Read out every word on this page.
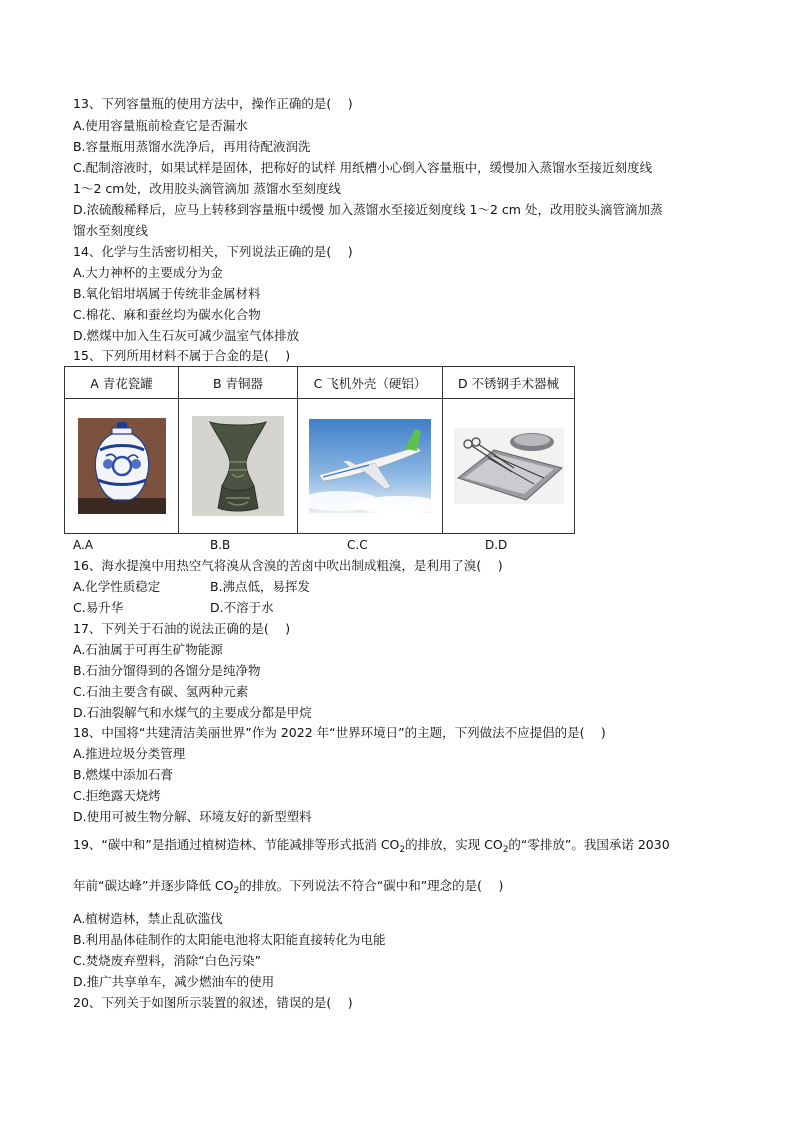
13、下列容量瓶的使用方法中，操作正确的是(　 )
A.使用容量瓶前检查它是否漏水
B.容量瓶用蒸馏水洗净后，再用待配液润洗
C.配制溶液时，如果试样是固体，把称好的试样 用纸槽小心倒入容量瓶中，缓慢加入蒸馏水至接近刻度线
1～2 cm处，改用胶头滴管滴加 蒸馏水至刻度线
D.浓硫酸稀释后，应马上转移到容量瓶中缓慢 加入蒸馏水至接近刻度线 1～2 cm 处，改用胶头滴管滴加蒸
馏水至刻度线
14、化学与生活密切相关，下列说法正确的是(　 )
A.大力神杯的主要成分为金
B.氧化铝坩埚属于传统非金属材料
C.棉花、麻和蚕丝均为碳水化合物
D.燃煤中加入生石灰可减少温室气体排放
15、下列所用材料不属于合金的是(　 )
A 青花瓷罐	B 青铜器	C 飞机外壳（硬铝）	D 不锈钢手术器械

A.A	B.B	C.C	D.D
16、海水提溴中用热空气将溴从含溴的苦卤中吹出制成粗溴，是利用了溴(　 )
A.化学性质稳定	B.沸点低，易挥发
C.易升华	D.不溶于水
17、下列关于石油的说法正确的是(　 )
A.石油属于可再生矿物能源
B.石油分馏得到的各馏分是纯净物
C.石油主要含有碳、氢两种元素
D.石油裂解气和水煤气的主要成分都是甲烷
18、中国将“共建清洁美丽世界”作为 2022 年“世界环境日”的主题，下列做法不应提倡的是(　 )
A.推进垃圾分类管理
B.燃煤中添加石膏
C.拒绝露天烧烤
D.使用可被生物分解、环境友好的新型塑料
19、“碳中和”是指通过植树造林、节能减排等形式抵消 $CO_2$的排放，实现 $CO_2$的“零排放”。我国承诺 2030
年前“碳达峰”并逐步降低 $CO_2$的排放。下列说法不符合“碳中和”理念的是(　 )
A.植树造林，禁止乱砍滥伐
B.利用晶体硅制作的太阳能电池将太阳能直接转化为电能
C.焚烧废弃塑料，消除“白色污染”
D.推广共享单车，减少燃油车的使用
20、下列关于如图所示装置的叙述，错误的是(　 )
